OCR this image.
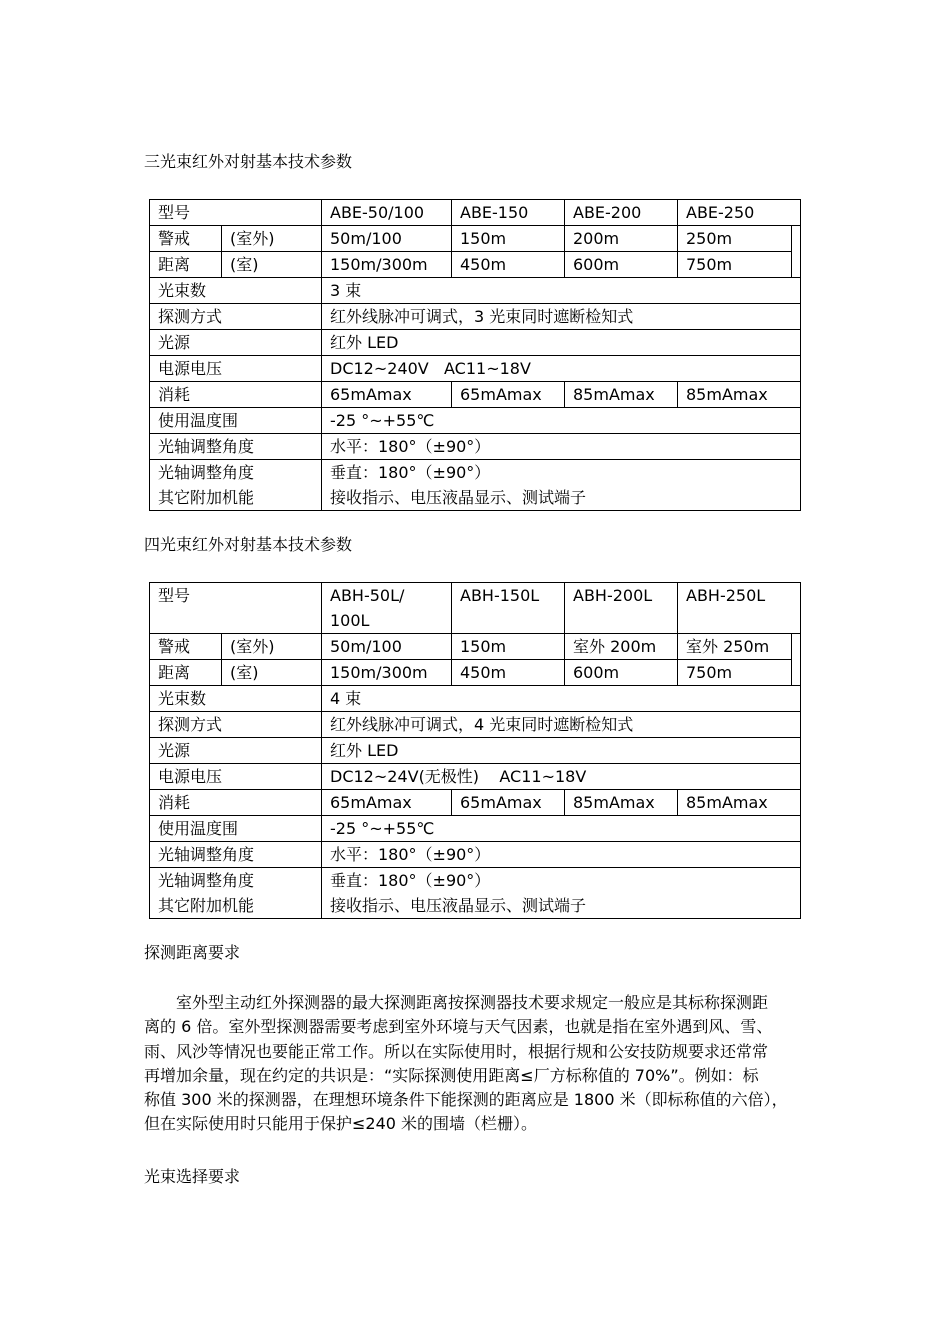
三光束红外对射基本技术参数
型号		ABE-50/100	ABE-150	ABE-200	ABE-250	
警戒	(室外)	50m/100	150m	200m	250m	
距离	(室)	150m/300m	450m	600m	750m	
光束数		3 束				
探测方式		红外线脉冲可调式，3 光束同时遮断检知式				
光源		红外 LED				
电源电压		DC12~240V   AC11~18V				
消耗		65mAmax	65mAmax	85mAmax	85mAmax	
使用温度围		-25 °~+55℃				
光轴调整角度		水平：180°（±90°）				

光轴调整角度
其它附加机能		垂直：180°（±90°）
接收指示、电压液晶显示、测试端子				
四光束红外对射基本技术参数
型号		ABH-50L/
100L	ABH-150L	ABH-200L	ABH-250L	
警戒	(室外)	50m/100	150m	室外 200m	室外 250m	
距离	(室)	150m/300m	450m	600m	750m	
光束数		4 束				
探测方式		红外线脉冲可调式，4 光束同时遮断检知式				
光源		红外 LED				
电源电压		DC12~24V(无极性)    AC11~18V				
消耗		65mAmax	65mAmax	85mAmax	85mAmax	
使用温度围		-25 °~+55℃				
光轴调整角度		水平：180°（±90°）				

光轴调整角度
其它附加机能		垂直：180°（±90°）
接收指示、电压液晶显示、测试端子				
探测距离要求
室外型主动红外探测器的最大探测距离按探测器技术要求规定一般应是其标称探测距
离的 6 倍。室外型探测器需要考虑到室外环境与天气因素，也就是指在室外遇到风、雪、
雨、风沙等情况也要能正常工作。所以在实际使用时，根据行规和公安技防规要求还常常
再增加余量，现在约定的共识是：“实际探测使用距离≤厂方标称值的 70%”。例如：标
称值 300 米的探测器，在理想环境条件下能探测的距离应是 1800 米（即标称值的六倍），
但在实际使用时只能用于保护≤240 米的围墙（栏栅）。
光束选择要求
